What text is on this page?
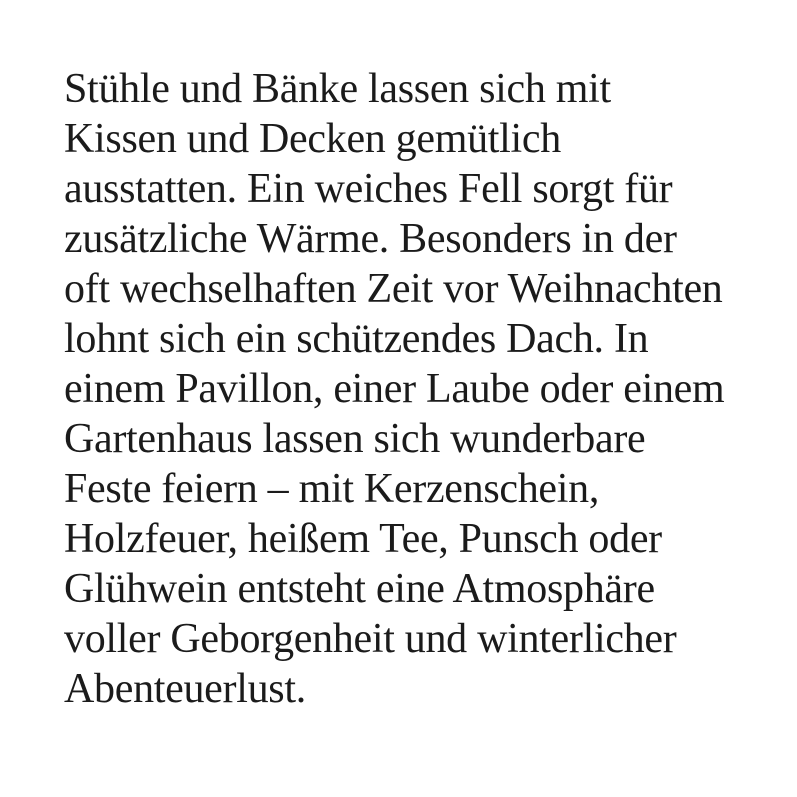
Stühle und Bänke lassen sich mit
Kissen und Decken gemütlich
ausstatten. Ein weiches Fell sorgt für
zusätzliche Wärme. Besonders in der
oft wechselhaften Zeit vor Weihnachten
lohnt sich ein schützendes Dach. In
einem Pavillon, einer Laube oder einem
Gartenhaus lassen sich wunderbare
Feste feiern – mit Kerzenschein,
Holzfeuer, heißem Tee, Punsch oder
Glühwein entsteht eine Atmosphäre
voller Geborgenheit und winterlicher
Abenteuerlust.
